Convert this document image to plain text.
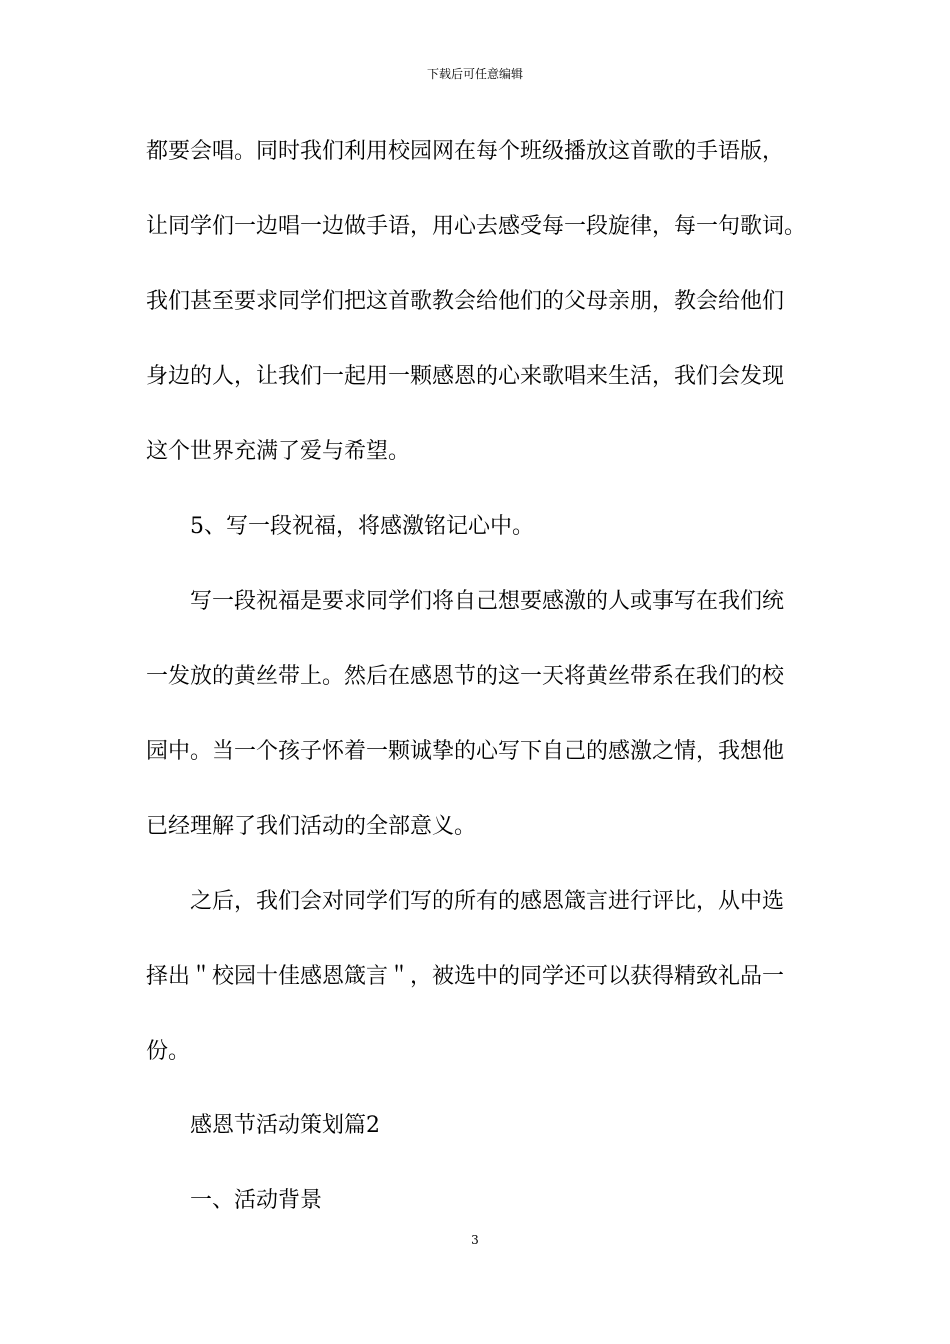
下载后可任意编辑
都要会唱。同时我们利用校园网在每个班级播放这首歌的手语版，
让同学们一边唱一边做手语，用心去感受每一段旋律，每一句歌词。
我们甚至要求同学们把这首歌教会给他们的父母亲朋，教会给他们
身边的人，让我们一起用一颗感恩的心来歌唱来生活，我们会发现
这个世界充满了爱与希望。
5、写一段祝福，将感激铭记心中。
写一段祝福是要求同学们将自己想要感激的人或事写在我们统
一发放的黄丝带上。然后在感恩节的这一天将黄丝带系在我们的校
园中。当一个孩子怀着一颗诚挚的心写下自己的感激之情，我想他
已经理解了我们活动的全部意义。
之后，我们会对同学们写的所有的感恩箴言进行评比，从中选
择出＂校园十佳感恩箴言＂，被选中的同学还可以获得精致礼品一
份。
感恩节活动策划篇2
一、活动背景
3
